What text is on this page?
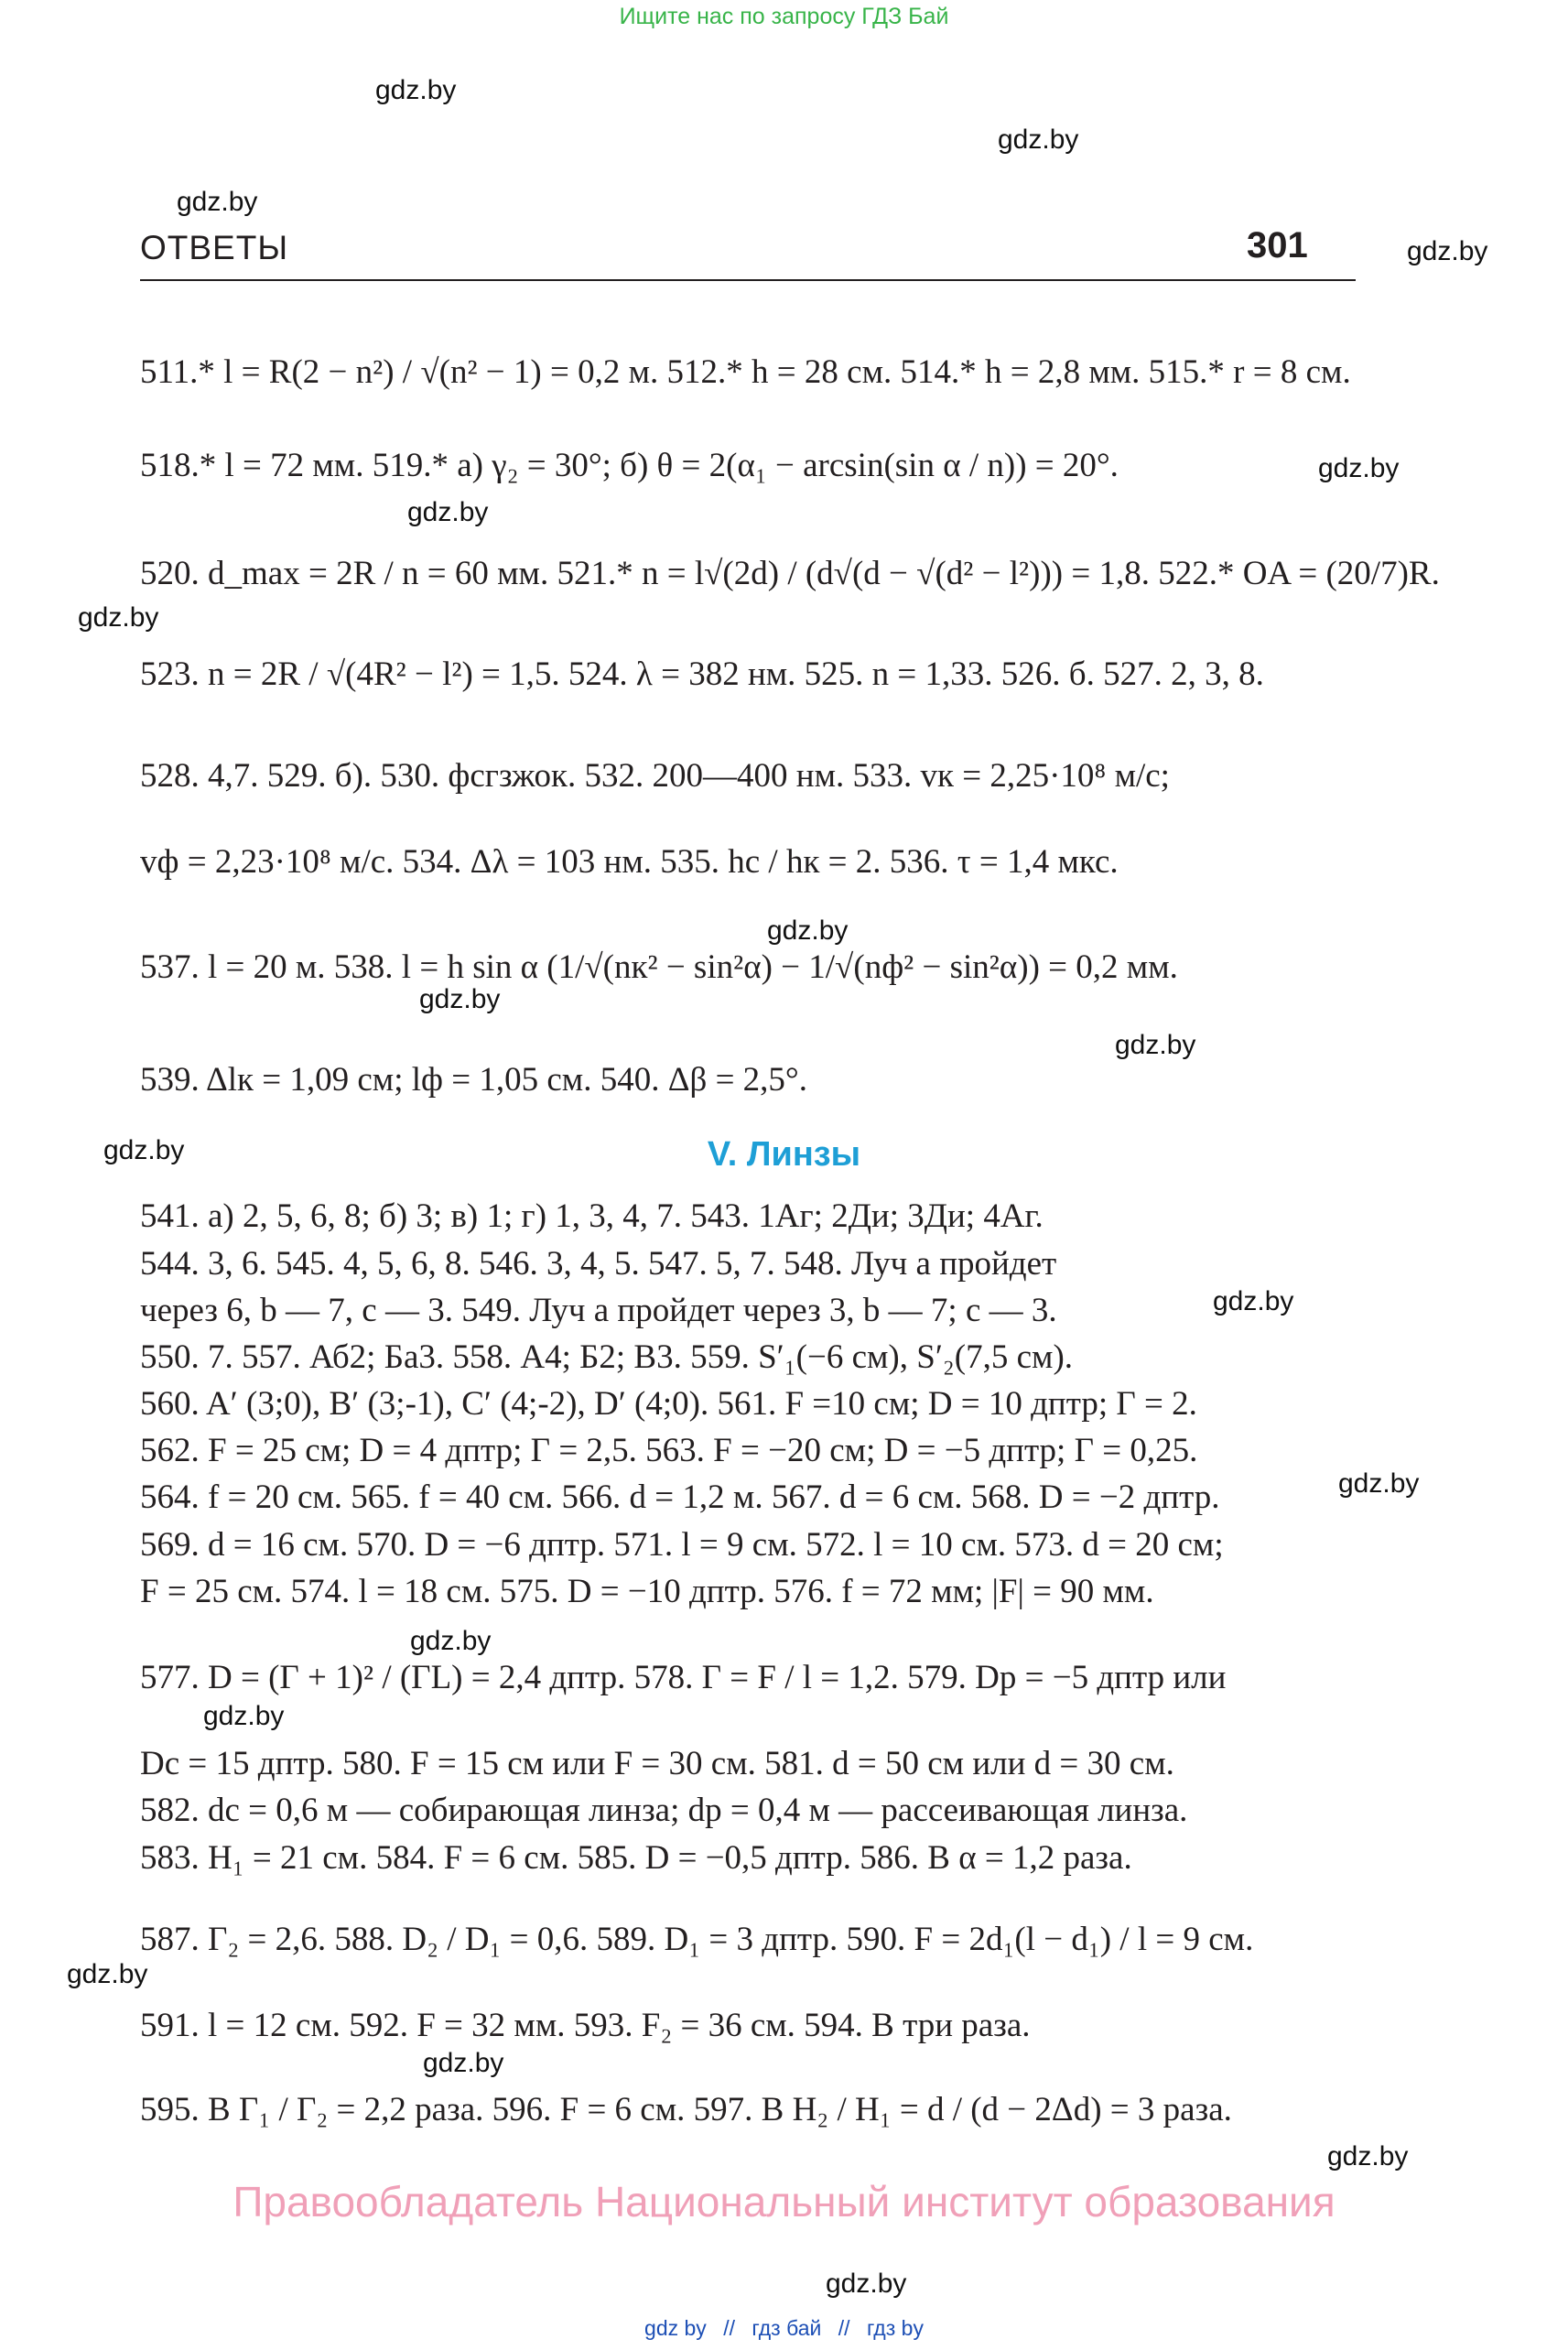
Ищите нас по запросу ГДЗ Бай
gdz.by
gdz.by
gdz.by
gdz.by
gdz.by
gdz.by
gdz.by
gdz.by
gdz.by
gdz.by
gdz.by
gdz.by
gdz.by
gdz.by
gdz.by
gdz.by
gdz.by
gdz.by
gdz.by
ОТВЕТЫ	301
511.* l = R(2 − n²) / √(n² − 1) = 0,2 м. 512.* h = 28 см. 514.* h = 2,8 мм. 515.* r = 8 см.
518.* l = 72 мм. 519.* а) γ₂ = 30°; б) θ = 2(α₁ − arcsin(sin α / n)) = 20°.
520. d_max = 2R / n = 60 мм. 521.* n = l√(2d) / (d√(d − √(d² − l²))) = 1,8. 522.* OA = (20/7)R.
523. n = 2R / √(4R² − l²) = 1,5. 524. λ = 382 нм. 525. n = 1,33. 526. б. 527. 2, 3, 8.
528. 4,7. 529. б). 530. фсгзжок. 532. 200—400 нм. 533. vк = 2,25·10⁸ м/с;
vф = 2,23·10⁸ м/с. 534. Δλ = 103 нм. 535. hс / hк = 2. 536. τ = 1,4 мкс.
537. l = 20 м. 538. l = h sin α (1/√(nк² − sin²α) − 1/√(nф² − sin²α)) = 0,2 мм.
539. Δlк = 1,09 см; lф = 1,05 см. 540. Δβ = 2,5°.
V. Линзы
541. а) 2, 5, 6, 8; б) 3; в) 1; г) 1, 3, 4, 7. 543. 1Аг; 2Ди; 3Ди; 4Аг.
544. 3, 6. 545. 4, 5, 6, 8. 546. 3, 4, 5. 547. 5, 7. 548. Луч а пройдет
через 6, b — 7, c — 3. 549. Луч а пройдет через 3, b — 7; c — 3.
550. 7. 557. Аб2; Ба3. 558. А4; Б2; В3. 559. S′₁(−6 см), S′₂(7,5 см).
560. A′ (3;0), B′ (3;-1), C′ (4;-2), D′ (4;0). 561. F =10 см; D = 10 дптр; Г = 2.
562. F = 25 см; D = 4 дптр; Г = 2,5. 563. F = −20 см; D = −5 дптр; Г = 0,25.
564. f = 20 см. 565. f = 40 см. 566. d = 1,2 м. 567. d = 6 см. 568. D = −2 дптр.
569. d = 16 см. 570. D = −6 дптр. 571. l = 9 см. 572. l = 10 см. 573. d = 20 см;
F = 25 см. 574. l = 18 см. 575. D = −10 дптр. 576. f = 72 мм; |F| = 90 мм.
577. D = (Г + 1)² / (ГL) = 2,4 дптр. 578. Г = F / l = 1,2. 579. Dр = −5 дптр или
Dс = 15 дптр. 580. F = 15 см или F = 30 см. 581. d = 50 см или d = 30 см.
582. dс = 0,6 м — собирающая линза; dр = 0,4 м — рассеивающая линза.
583. H₁ = 21 см. 584. F = 6 см. 585. D = −0,5 дптр. 586. В α = 1,2 раза.
587. Г₂ = 2,6. 588. D₂ / D₁ = 0,6. 589. D₁ = 3 дптр. 590. F = 2d₁(l − d₁) / l = 9 см.
591. l = 12 см. 592. F = 32 мм. 593. F₂ = 36 см. 594. В три раза.
595. В Г₁ / Г₂ = 2,2 раза. 596. F = 6 см. 597. В H₂ / H₁ = d / (d − 2Δd) = 3 раза.
Правообладатель Национальный институт образования
gdz by // гдз бай // гдз by
